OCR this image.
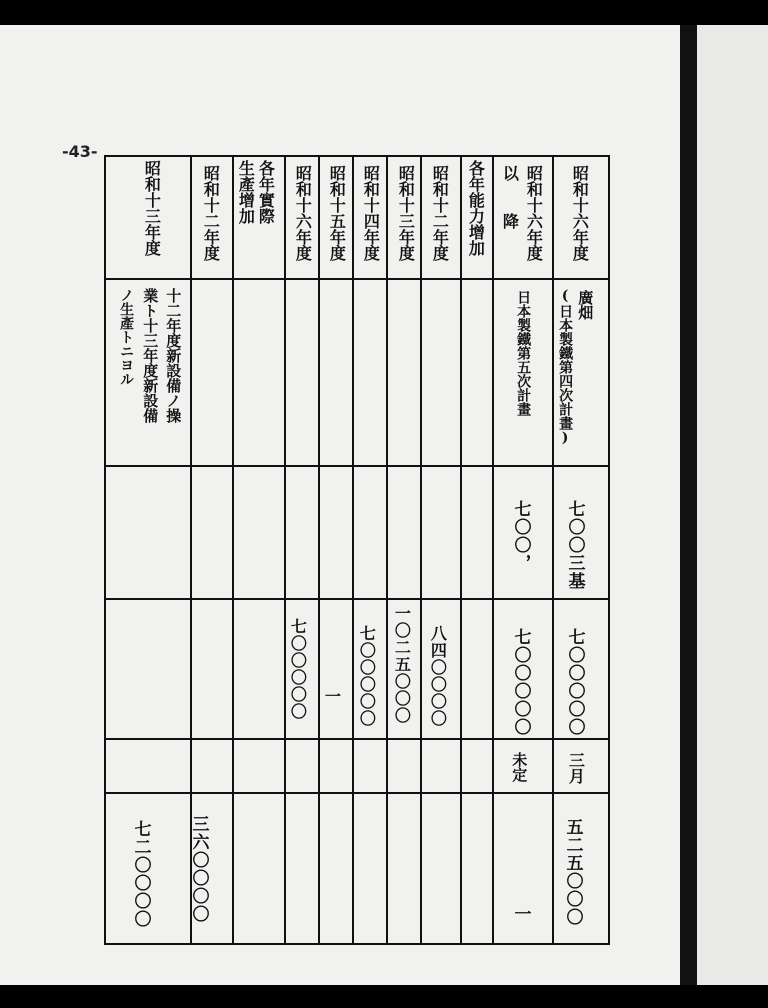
-43-
昭和十六年度
廣畑
(日本製鐵第四次計畫)
七〇〇三基
七〇〇〇〇〇
三月
五二五〇〇〇
昭和十六年度
以　　降
日本製鐵第五次計畫
七〇〇，
七〇〇〇〇〇
未定
一
各年能力增加
昭和十二年度
八四〇〇〇〇
昭和十三年度
一〇二五〇〇〇
昭和十四年度
七〇〇〇〇〇
昭和十五年度
一
昭和十六年度
七〇〇〇〇〇
各年實際
生產增加
昭和十二年度
三六〇〇〇〇
昭和十三年度
十二年度新設備ノ操
業ト十三年度新設備
ノ生產トニヨル
七二〇〇〇〇
